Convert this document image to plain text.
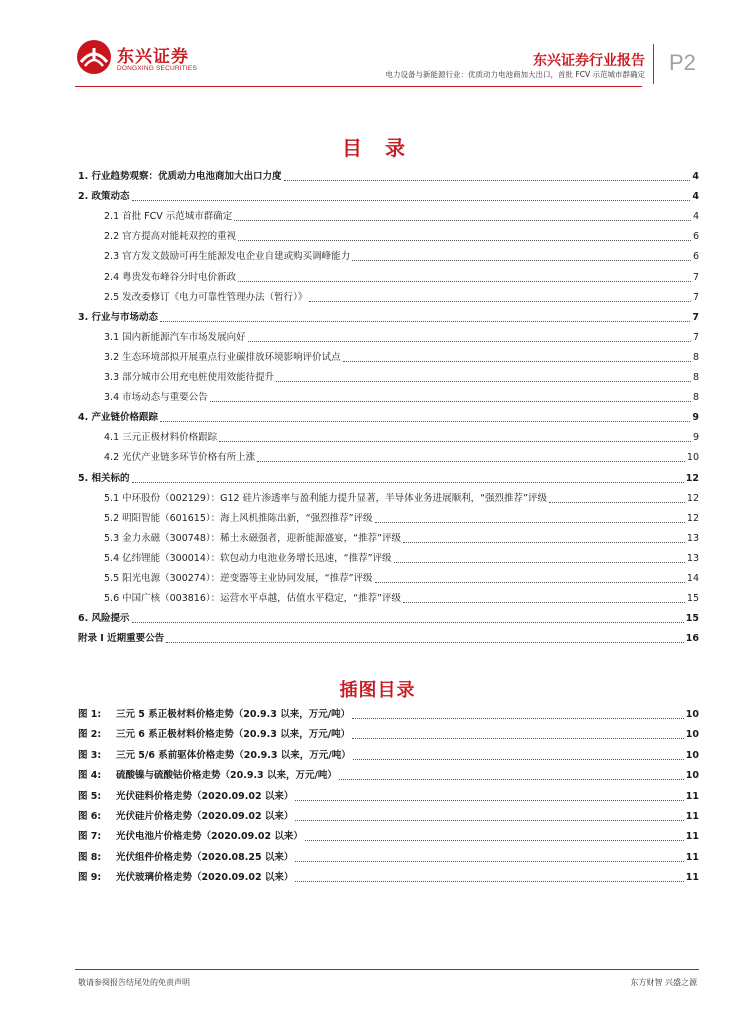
东兴证券
DONGXING SECURITIES	东兴证券行业报告
电力设备与新能源行业：优质动力电池商加大出口，首批 FCV 示范城市群确定 P2
目 录
1. 行业趋势观察：优质动力电池商加大出口力度	4
2. 政策动态	4
2.1 首批 FCV 示范城市群确定	4
2.2 官方提高对能耗双控的重视	6
2.3 官方发文鼓励可再生能源发电企业自建或购买调峰能力	6
2.4 粤贵发布峰谷分时电价新政	7
2.5 发改委修订《电力可靠性管理办法（暂行）》	7
3. 行业与市场动态	7
3.1 国内新能源汽车市场发展向好	7
3.2 生态环境部拟开展重点行业碳排放环境影响评价试点	8
3.3 部分城市公用充电桩使用效能待提升	8
3.4 市场动态与重要公告	8
4. 产业链价格跟踪	9
4.1 三元正极材料价格跟踪	9
4.2 光伏产业链多环节价格有所上涨	10
5. 相关标的	12
5.1 中环股份（002129）：G12 硅片渗透率与盈利能力提升显著，半导体业务进展顺利，“强烈推荐”评级	12
5.2 明阳智能（601615）：海上风机推陈出新，“强烈推荐”评级	12
5.3 金力永磁（300748）：稀土永磁强者，迎新能源盛宴，“推荐”评级	13
5.4 亿纬锂能（300014）：软包动力电池业务增长迅速，“推荐”评级	13
5.5 阳光电源（300274）：逆变器等主业协同发展，“推荐”评级	14
5.6 中国广核（003816）：运营水平卓越，估值水平稳定，“推荐”评级	15
6. 风险提示	15
附录 I 近期重要公告	16
插图目录
图 1:	三元 5 系正极材料价格走势（20.9.3 以来，万元/吨）	10
图 2:	三元 6 系正极材料价格走势（20.9.3 以来，万元/吨）	10
图 3:	三元 5/6 系前驱体价格走势（20.9.3 以来，万元/吨）	10
图 4:	硫酸镍与硫酸钴价格走势（20.9.3 以来，万元/吨）	10
图 5:	光伏硅料价格走势（2020.09.02 以来）	11
图 6:	光伏硅片价格走势（2020.09.02 以来）	11
图 7:	光伏电池片价格走势（2020.09.02 以来）	11
图 8:	光伏组件价格走势（2020.08.25 以来）	11
图 9:	光伏玻璃价格走势（2020.09.02 以来）	11
敬请参阅报告结尾处的免责声明	东方财智 兴盛之源
